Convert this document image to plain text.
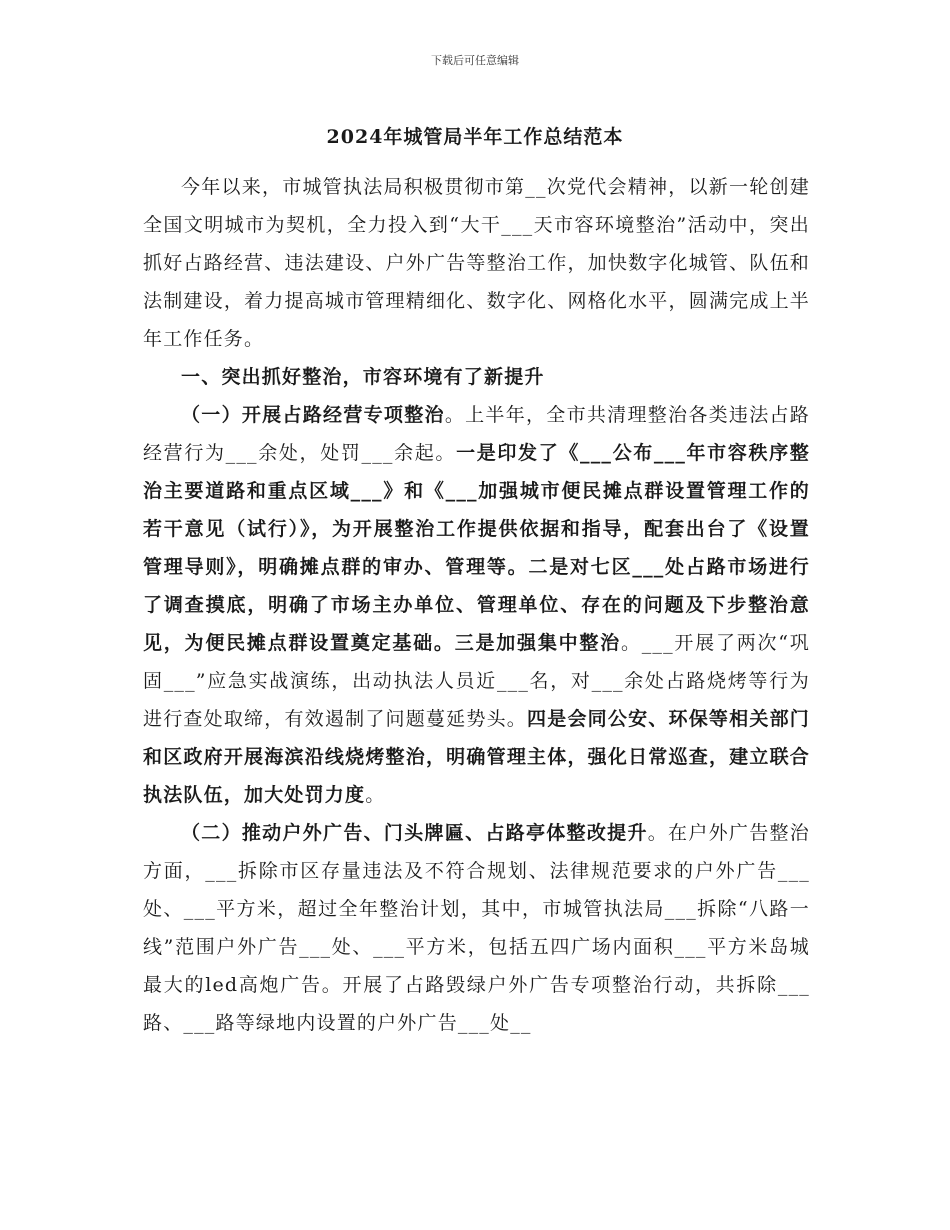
下载后可任意编辑
2024年城管局半年工作总结范本

今年以来，市城管执法局积极贯彻市第__次党代会精神，以新一轮创建全国文明城市为契机，全力投入到“大干___天市容环境整治”活动中，突出抓好占路经营、违法建设、户外广告等整治工作，加快数字化城管、队伍和法制建设，着力提高城市管理精细化、数字化、网格化水平，圆满完成上半年工作任务。

一、突出抓好整治，市容环境有了新提升

（一）开展占路经营专项整治。上半年，全市共清理整治各类违法占路经营行为___余处，处罚___余起。一是印发了《___公布___年市容秩序整治主要道路和重点区域___》和《___加强城市便民摊点群设置管理工作的若干意见（试行）》，为开展整治工作提供依据和指导，配套出台了《设置管理导则》，明确摊点群的审办、管理等。二是对七区___处占路市场进行了调查摸底，明确了市场主办单位、管理单位、存在的问题及下步整治意见，为便民摊点群设置奠定基础。三是加强集中整治。___开展了两次“巩固___”应急实战演练，出动执法人员近___名，对___余处占路烧烤等行为进行查处取缔，有效遏制了问题蔓延势头。四是会同公安、环保等相关部门和区政府开展海滨沿线烧烤整治，明确管理主体，强化日常巡查，建立联合执法队伍，加大处罚力度。

（二）推动户外广告、门头牌匾、占路亭体整改提升。在户外广告整治方面，___拆除市区存量违法及不符合规划、法律规范要求的户外广告___处、___平方米，超过全年整治计划，其中，市城管执法局___拆除“八路一线”范围户外广告___处、___平方米，包括五四广场内面积___平方米岛城最大的led高炮广告。开展了占路毁绿户外广告专项整治行动，共拆除___路、___路等绿地内设置的户外广告___处__
